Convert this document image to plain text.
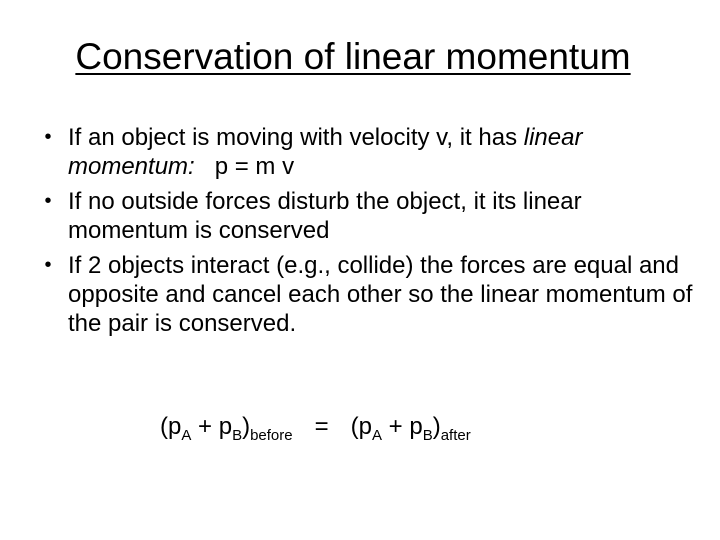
Conservation of linear momentum
• If an object is moving with velocity v, it has linear momentum:   p = m v
• If no outside forces disturb the object, it its linear momentum is conserved
• If 2 objects interact (e.g., collide) the forces are equal and opposite and cancel each other so the linear momentum of the pair is conserved.
$(p_A + p_B)_{before} = (p_A + p_B)_{after}$
